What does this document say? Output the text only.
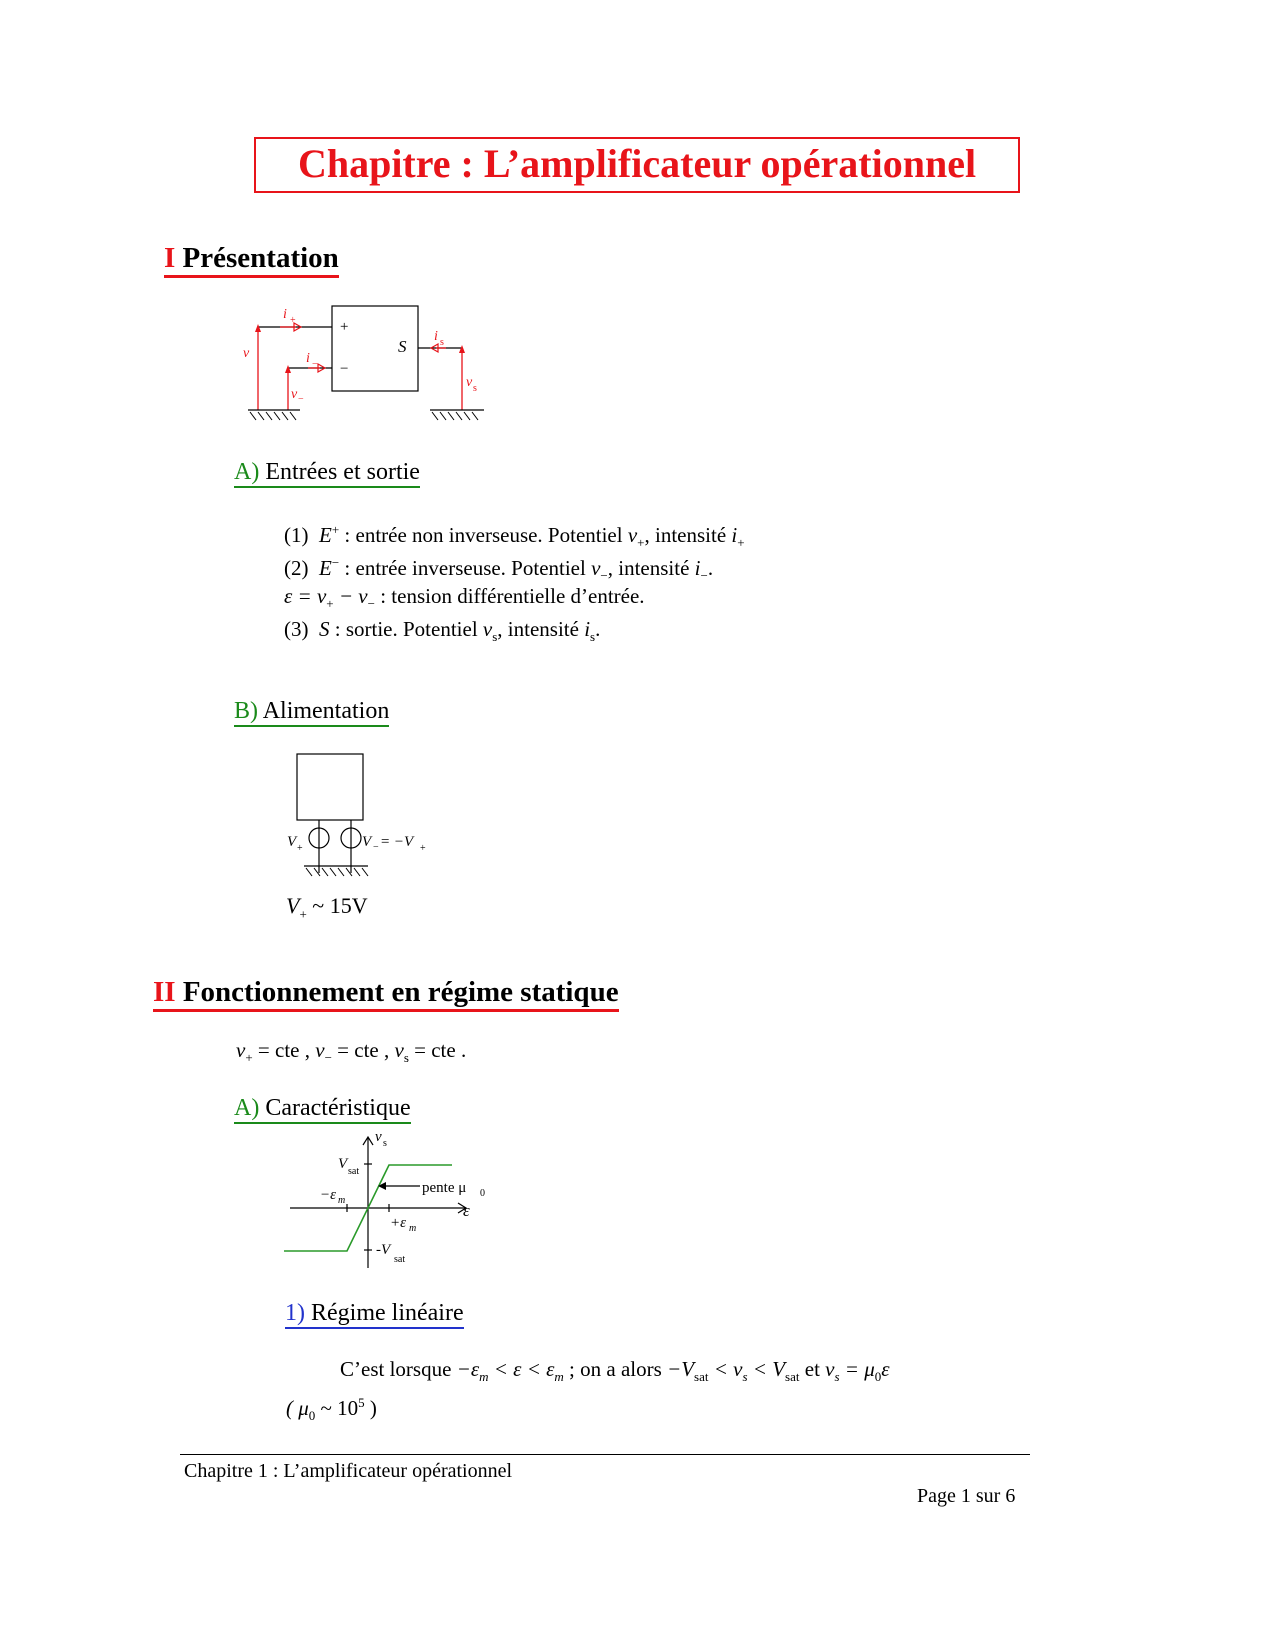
Chapitre : L’amplificateur opérationnel
I Présentation
i +
i −
v
v −
+
−
S
i s
v s
A) Entrées et sortie
(1) E+ : entrée non inverseuse. Potentiel $v_+$, intensité $i_+$
(2) E− : entrée inverseuse. Potentiel $v_-$, intensité $i_-$.
$\varepsilon = v_+ - v_-$ : tension différentielle d’entrée.
(3) S : sortie. Potentiel $v_s$, intensité $i_s$.
B) Alimentation
V +	V − = −V +
$V_+$ ~ 15V
II Fonctionnement en régime statique
$v_+$ = cte , $v_-$ = cte , $v_s$ = cte .
A) Caractéristique
v s
ε
V sat
−ε m
+ε m
-V
sat
pente μ 0
1) Régime linéaire
C’est lorsque $-\varepsilon_m < \varepsilon < \varepsilon_m$ ; on a alors $-V_{sat} < v_s < V_{sat}$ et $v_s = \mu_0\varepsilon$
( $\mu_0$ ~ $10^5$ )
Chapitre 1 : L’amplificateur opérationnel
Page 1 sur 6
